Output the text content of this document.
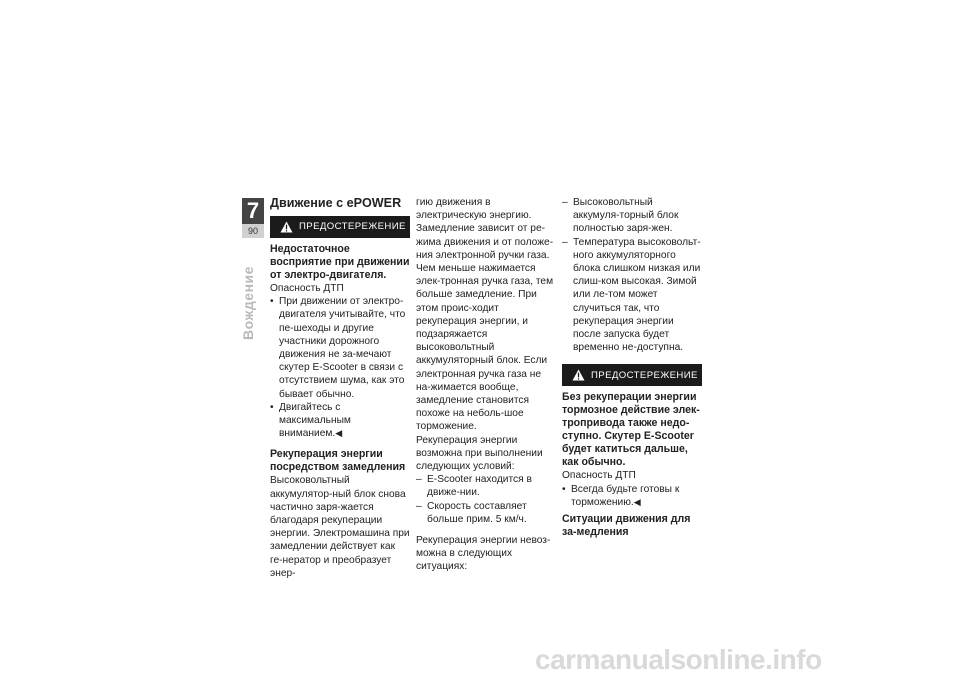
7
90
Вождение
Движение с ePOWER
ПРЕДОСТЕРЕЖЕНИЕ

Недостаточное восприятие при движении от электро-двигателя.

Опасность ДТП

• При движении от электро-двигателя учитывайте, что пе-шеходы и другие участники дорожного движения не за-мечают скутер E-Scooter в связи с отсутствием шума, как это бывает обычно.
• Двигайтесь с максимальным вниманием.◀

Рекуперация энергии посредством замедления

Высоковольтный аккумулятор-ный блок снова частично заря-жается благодаря рекуперации энергии. Электромашина при замедлении действует как ге-нератор и преобразует энер-

гию движения в электрическую энергию.

Замедление зависит от ре-жима движения и от положе-ния электронной ручки газа. Чем меньше нажимается элек-тронная ручка газа, тем больше замедление. При этом проис-ходит рекуперация энергии, и подзаряжается высоковольтный аккумуляторный блок. Если электронная ручка газа не на-жимается вообще, замедление становится похоже на неболь-шое торможение.

Рекуперация энергии возможна при выполнении следующих условий:

– E-Scooter находится в движе-нии.
– Скорость составляет больше прим. 5 км/ч.

Рекуперация энергии невоз-можна в следующих ситуациях:

– Высоковольтный аккумуля-торный блок полностью заря-жен.
– Температура высоковольт-ного аккумуляторного блока слишком низкая или слиш-ком высокая. Зимой или ле-том может случиться так, что рекуперация энергии после запуска будет временно не-доступна.
ПРЕДОСТЕРЕЖЕНИЕ

Без рекуперации энергии тормозное действие элек-тропривода также недо-ступно. Скутер E-Scooter будет катиться дальше, как обычно.

Опасность ДТП

• Всегда будьте готовы к торможению.◀

Ситуации движения для за-медления

carmanualsonline.info
